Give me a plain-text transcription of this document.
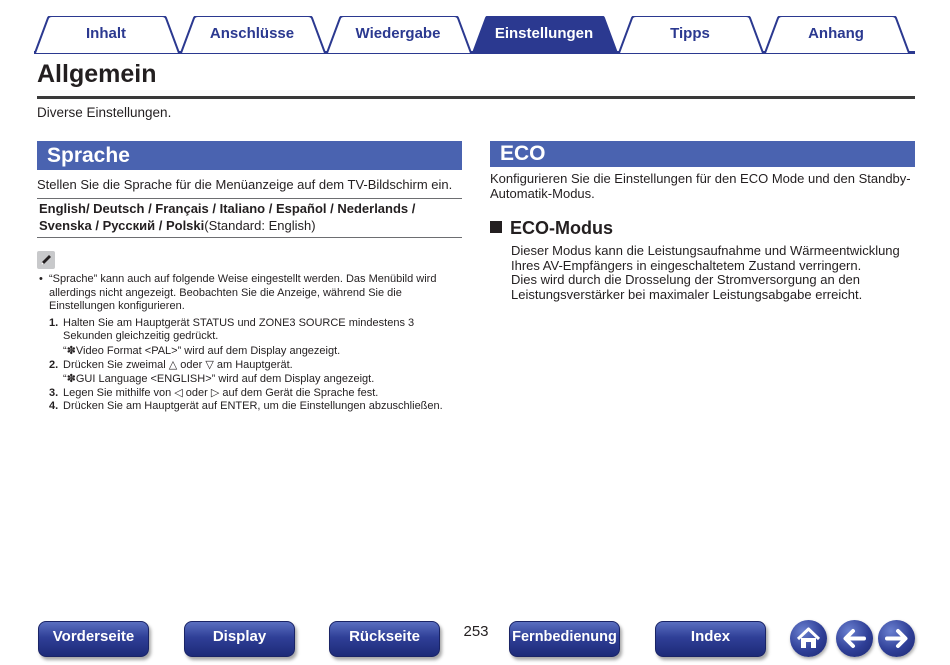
Inhalt	Anschlüsse	Wiedergabe	Einstellungen	Tipps	Anhang
Allgemein

Diverse Einstellungen.

Sprache

Stellen Sie die Sprache für die Menüanzeige auf dem TV-Bildschirm ein.

English/ Deutsch / Français / Italiano / Español / Nederlands /
Svenska / Русский / Polski(Standard: English)

• “Sprache” kann auch auf folgende Weise eingestellt werden. Das Menübild wird allerdings nicht angezeigt. Beobachten Sie die Anzeige, während Sie die Einstellungen konfigurieren.

1. Halten Sie am Hauptgerät STATUS und ZONE3 SOURCE mindestens 3 Sekunden gleichzeitig gedrückt.
“✽Video Format <PAL>” wird auf dem Display angezeigt.
2. Drücken Sie zweimal △ oder ▽ am Hauptgerät.
“✽GUI Language <ENGLISH>” wird auf dem Display angezeigt.
3. Legen Sie mithilfe von ◁ oder ▷ auf dem Gerät die Sprache fest.
4. Drücken Sie am Hauptgerät auf ENTER, um die Einstellungen abzuschließen.
ECO

Konfigurieren Sie die Einstellungen für den ECO Mode und den Standby-Automatik-Modus.

ECO-Modus
Dieser Modus kann die Leistungsaufnahme und Wärmeentwicklung Ihres AV-Empfängers in eingeschaltetem Zustand verringern.
Dies wird durch die Drosselung der Stromversorgung an den Leistungsverstärker bei maximaler Leistungsabgabe erreicht.
Vorderseite	Display	Rückseite	253	Fernbedienung	Index
